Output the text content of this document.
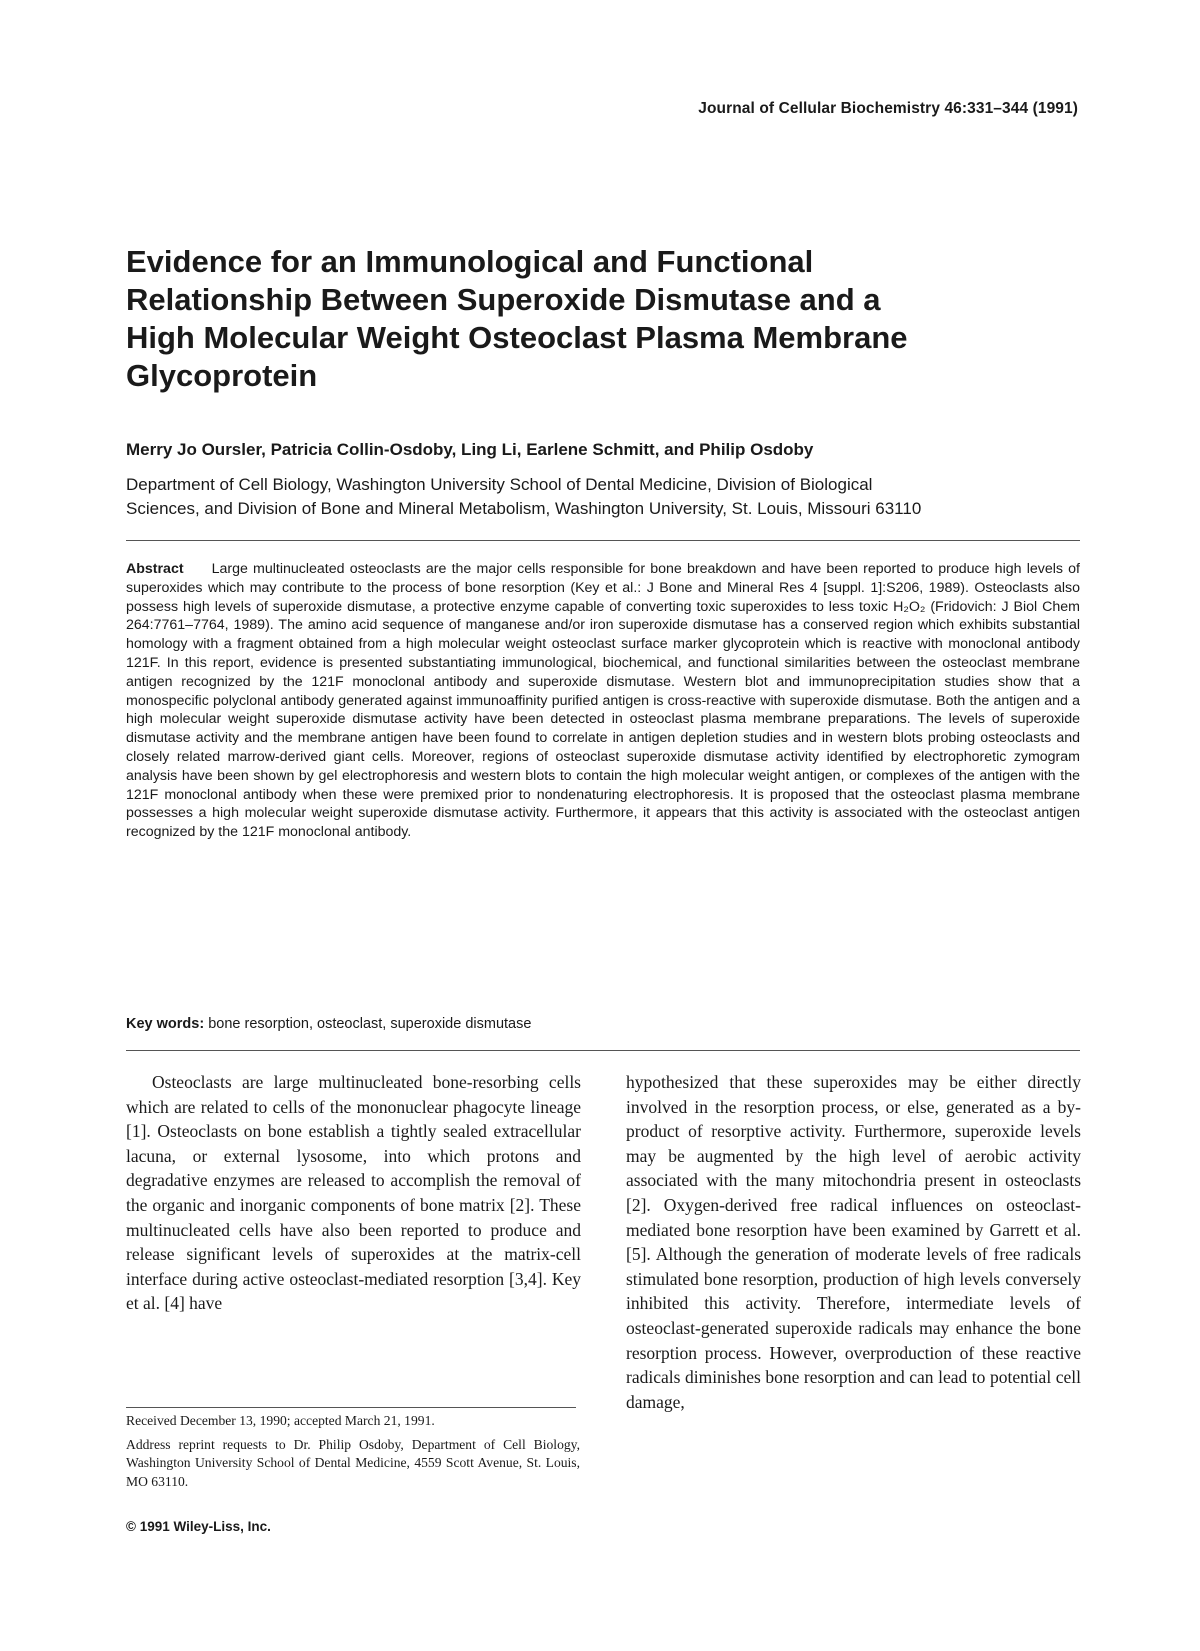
Journal of Cellular Biochemistry 46:331–344 (1991)
Evidence for an Immunological and Functional
Relationship Between Superoxide Dismutase and a
High Molecular Weight Osteoclast Plasma Membrane
Glycoprotein
Merry Jo Oursler, Patricia Collin-Osdoby, Ling Li, Earlene Schmitt, and Philip Osdoby
Department of Cell Biology, Washington University School of Dental Medicine, Division of Biological
Sciences, and Division of Bone and Mineral Metabolism, Washington University, St. Louis, Missouri 63110

Abstract Large multinucleated osteoclasts are the major cells responsible for bone breakdown and have been reported to produce high levels of superoxides which may contribute to the process of bone resorption (Key et al.: J Bone and Mineral Res 4 [suppl. 1]:S206, 1989). Osteoclasts also possess high levels of superoxide dismutase, a protective enzyme capable of converting toxic superoxides to less toxic H₂O₂ (Fridovich: J Biol Chem 264:7761–7764, 1989). The amino acid sequence of manganese and/or iron superoxide dismutase has a conserved region which exhibits substantial homology with a fragment obtained from a high molecular weight osteoclast surface marker glycoprotein which is reactive with monoclonal antibody 121F. In this report, evidence is presented substantiating immunological, biochemical, and functional similarities between the osteoclast membrane antigen recognized by the 121F monoclonal antibody and superoxide dismutase. Western blot and immunoprecipitation studies show that a monospecific polyclonal antibody generated against immunoaffinity purified antigen is cross-reactive with superoxide dismutase. Both the antigen and a high molecular weight superoxide dismutase activity have been detected in osteoclast plasma membrane preparations. The levels of superoxide dismutase activity and the membrane antigen have been found to correlate in antigen depletion studies and in western blots probing osteoclasts and closely related marrow-derived giant cells. Moreover, regions of osteoclast superoxide dismutase activity identified by electrophoretic zymogram analysis have been shown by gel electrophoresis and western blots to contain the high molecular weight antigen, or complexes of the antigen with the 121F monoclonal antibody when these were premixed prior to nondenaturing electrophoresis. It is proposed that the osteoclast plasma membrane possesses a high molecular weight superoxide dismutase activity. Furthermore, it appears that this activity is associated with the osteoclast antigen recognized by the 121F monoclonal antibody.

Key words: bone resorption, osteoclast, superoxide dismutase

Osteoclasts are large multinucleated bone-resorbing cells which are related to cells of the mononuclear phagocyte lineage [1]. Osteoclasts on bone establish a tightly sealed extracellular lacuna, or external lysosome, into which protons and degradative enzymes are released to accomplish the removal of the organic and inorganic components of bone matrix [2]. These multinucleated cells have also been reported to produce and release significant levels of superoxides at the matrix-cell interface during active osteoclast-mediated resorption [3,4]. Key et al. [4] have

hypothesized that these superoxides may be either directly involved in the resorption process, or else, generated as a by-product of resorptive activity. Furthermore, superoxide levels may be augmented by the high level of aerobic activity associated with the many mitochondria present in osteoclasts [2]. Oxygen-derived free radical influences on osteoclast-mediated bone resorption have been examined by Garrett et al. [5]. Although the generation of moderate levels of free radicals stimulated bone resorption, production of high levels conversely inhibited this activity. Therefore, intermediate levels of osteoclast-generated superoxide radicals may enhance the bone resorption process. However, overproduction of these reactive radicals diminishes bone resorption and can lead to potential cell damage,

Received December 13, 1990; accepted March 21, 1991.

Address reprint requests to Dr. Philip Osdoby, Department of Cell Biology, Washington University School of Dental Medicine, 4559 Scott Avenue, St. Louis, MO 63110.

© 1991 Wiley-Liss, Inc.
